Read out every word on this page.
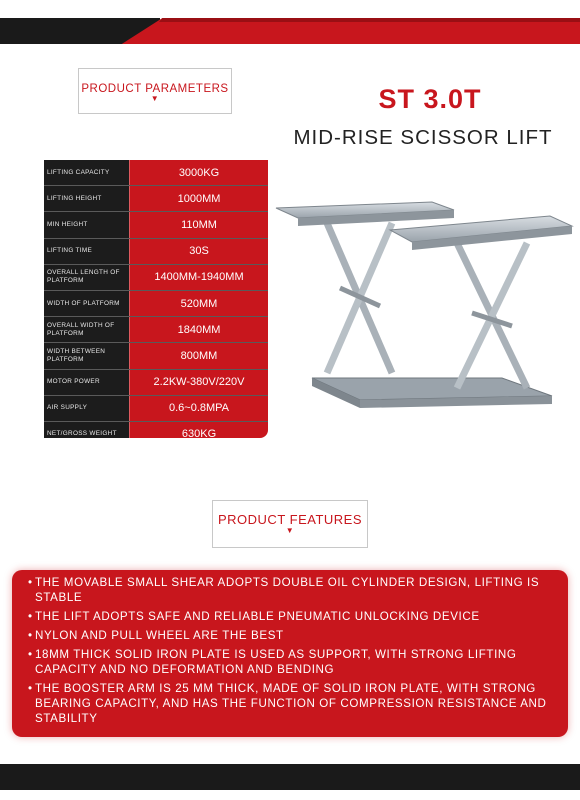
PRODUCT PARAMETERS
▼	ST 3.0T
MID-RISE SCISSOR LIFT
LIFTING CAPACITY	3000KG
LIFTING HEIGHT	1000MM
MIN HEIGHT	110MM
LIFTING TIME	30S
OVERALL LENGTH OF PLATFORM	1400MM-1940MM
WIDTH OF PLATFORM	520MM
OVERALL WIDTH OF PLATFORM	1840MM
WIDTH BETWEEN PLATFORM	800MM
MOTOR POWER	2.2KW-380V/220V
AIR SUPPLY	0.6~0.8MPA
NET/GROSS WEIGHT	630KG
PRODUCT FEATURES
▼
• THE MOVABLE SMALL SHEAR ADOPTS DOUBLE OIL CYLINDER DESIGN, LIFTING IS STABLE
• THE LIFT ADOPTS SAFE AND RELIABLE PNEUMATIC UNLOCKING DEVICE
• NYLON AND PULL WHEEL ARE THE BEST
• 18MM THICK SOLID IRON PLATE IS USED AS SUPPORT, WITH STRONG LIFTING CAPACITY AND NO DEFORMATION AND BENDING
• THE BOOSTER ARM IS 25 MM THICK, MADE OF SOLID IRON PLATE, WITH STRONG BEARING CAPACITY, AND HAS THE FUNCTION OF COMPRESSION RESISTANCE AND STABILITY
